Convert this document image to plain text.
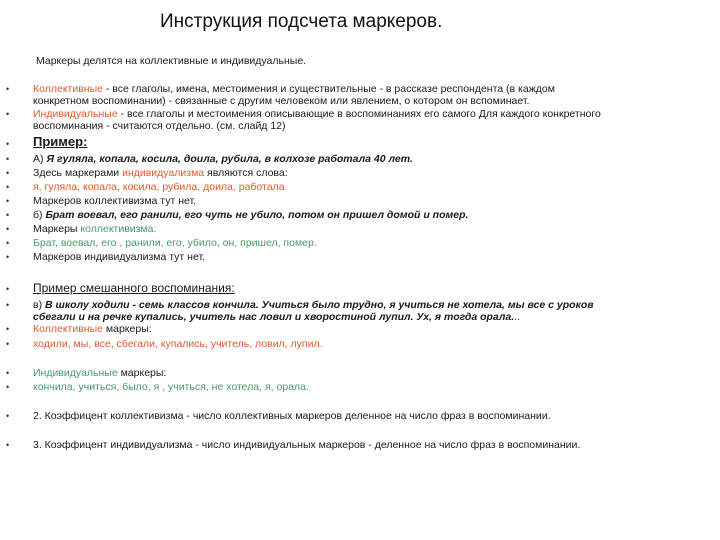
Инструкция подсчета маркеров.
Маркеры делятся на коллективные и индивидуальные.
•
Коллективные - все глаголы, имена, местоимения и существительные - в рассказе респондента (в каждом
конкретном воспоминании) - связанные с другим человеком или явлением, о котором он вспоминает.
•
Индивидуальные - все глаголы и местоимения описывающие в воспоминаниях его самого Для каждого конкретного
воспоминания - считаются отдельно. (см. слайд 12)
•
Пример:
•
А) Я гуляла, копала, косила, доила, рубила, в колхозе работала 40 лет.
•
Здесь маркерами индивидуализма являются слова:
•
я, гуляла, копала, косила, рубила, доила, работала
•
Маркеров коллективизма тут нет.
•
б) Брат воевал, его ранили, его чуть не убило, потом он пришел домой и помер.
•
Маркеры коллективизма:
•
Брат, воевал, его , ранили, его, убило, он, пришел, помер.
•
Маркеров индивидуализма тут нет.
•
Пример смешанного воспоминания:
•
в) В школу ходили - семь классов кончила. Учиться было трудно, я учиться не хотела, мы все с уроков
сбегали и на речке купались, учитель нас ловил и хворостиной лупил. Ух, я тогда орала...
•
Коллективные маркеры:
•
ходили, мы, все, сбегали, купались, учитель, ловил, лупил.
•
Индивидуальные маркеры:
•
кончила, учиться, было, я , учиться, не хотела, я, орала.
•
2. Коэффицент коллективизма - число коллективных маркеров деленное на число фраз в воспоминании.
•
3. Коэффицент индивидуализма - число индивидуальных маркеров - деленное на число фраз в воспоминании.
